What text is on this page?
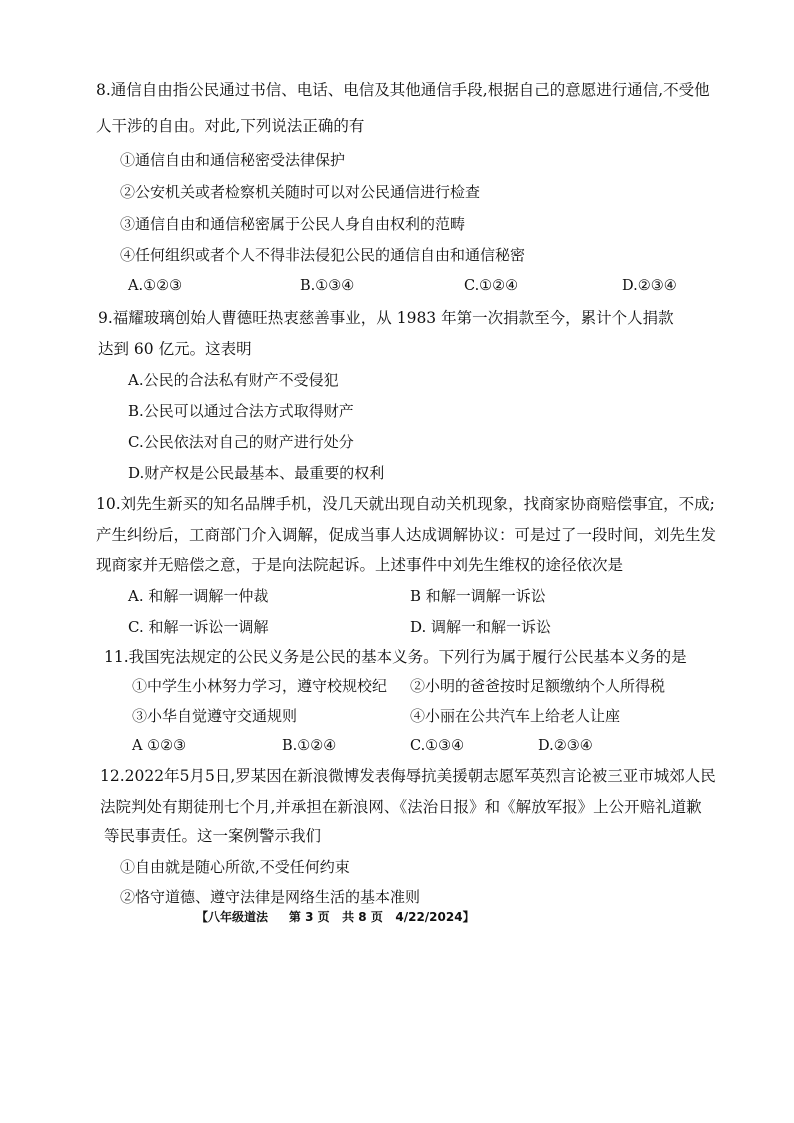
8.通信自由指公民通过书信、电话、电信及其他通信手段,根据自己的意愿进行通信,不受他
人干涉的自由。对此,下列说法正确的有
①通信自由和通信秘密受法律保护
②公安机关或者检察机关随时可以对公民通信进行检查
③通信自由和通信秘密属于公民人身自由权利的范畴
④任何组织或者个人不得非法侵犯公民的通信自由和通信秘密
A.①②③	B.①③④	C.①②④	D.②③④
9.福耀玻璃创始人曹德旺热衷慈善事业，从 1983 年第一次捐款至今，累计个人捐款
达到 60 亿元。这表明
A.公民的合法私有财产不受侵犯
B.公民可以通过合法方式取得财产
C.公民依法对自己的财产进行处分
D.财产权是公民最基本、最重要的权利
10.刘先生新买的知名品牌手机，没几天就出现自动关机现象，找商家协商赔偿事宜，不成;
产生纠纷后，工商部门介入调解，促成当事人达成调解协议：可是过了一段时间，刘先生发
现商家并无赔偿之意，于是向法院起诉。上述事件中刘先生维权的途径依次是
A. 和解一调解一仲裁	B 和解一调解一诉讼
C. 和解一诉讼一调解	D. 调解一和解一诉讼
11.我国宪法规定的公民义务是公民的基本义务。下列行为属于履行公民基本义务的是
①中学生小林努力学习，遵守校规校纪 ②小明的爸爸按时足额缴纳个人所得税
③小华自觉遵守交通规则	④小丽在公共汽车上给老人让座
A ①②③	B.①②④	C.①③④	D.②③④
12.2022年5月5日,罗某因在新浪微博发表侮辱抗美援朝志愿军英烈言论被三亚市城郊人民
法院判处有期徒刑七个月,并承担在新浪网、《法治日报》和《解放军报》上公开赔礼道歉
等民事责任。这一案例警示我们
①自由就是随心所欲,不受任何约束
②恪守道德、遵守法律是网络生活的基本准则
【八年级道法     第 3 页   共 8 页   4/22/2024】
